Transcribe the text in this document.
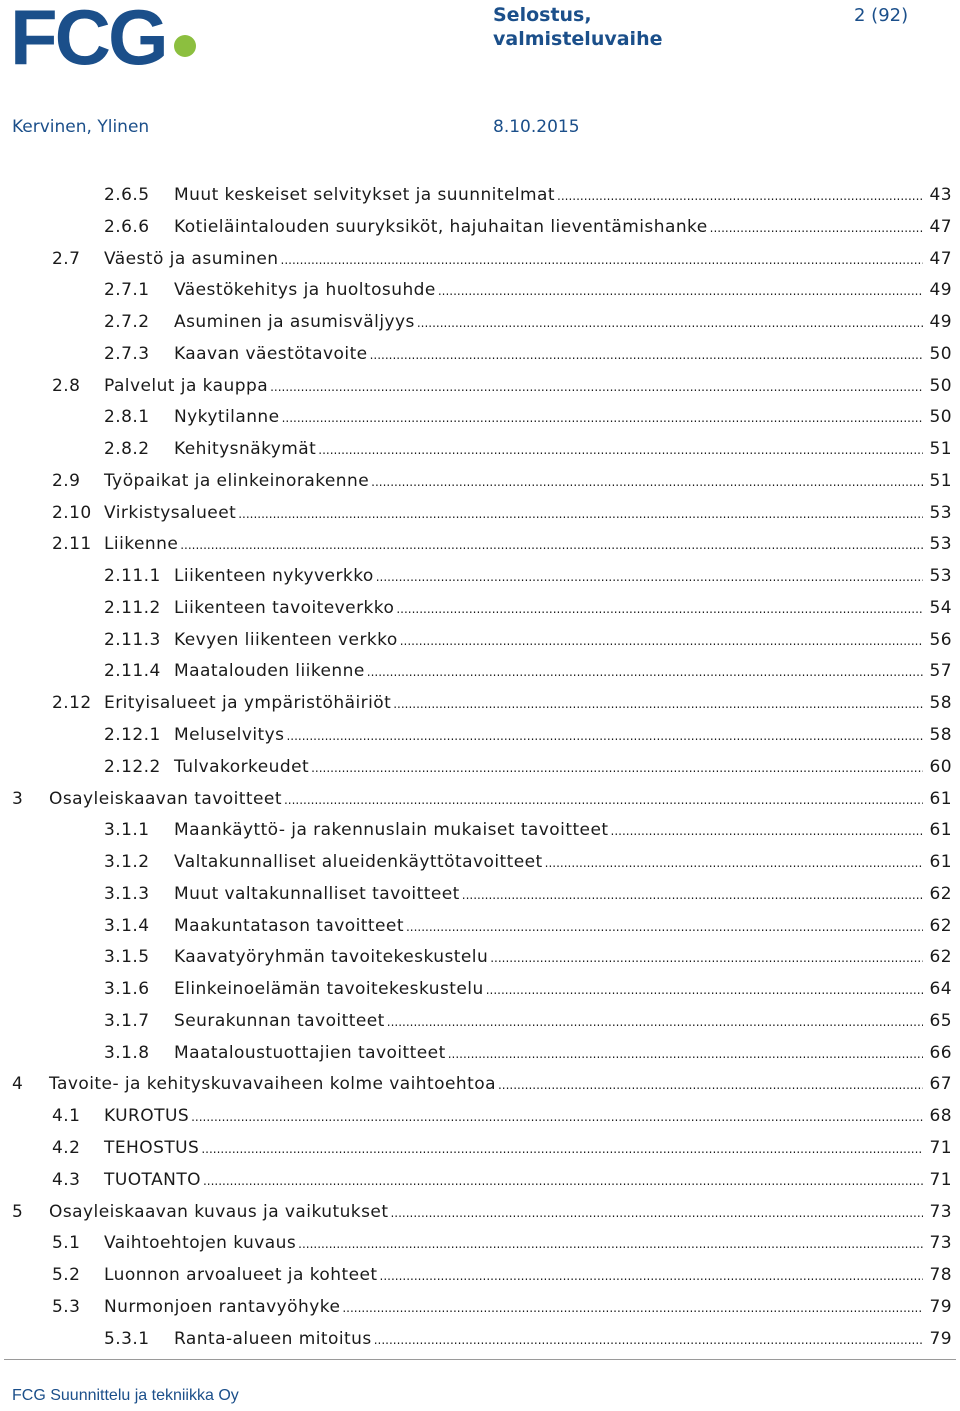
FCG	Selostus, valmisteluvaihe
2 (92)
Kervinen, Ylinen	8.10.2015
2.6.5 Muut keskeiset selvitykset ja suunnitelmat .....	43
2.6.6 Kotieläintalouden suuryksiköt, hajuhaitan lieventämishanke .....	47
2.7 Väestö ja asuminen .....	47
2.7.1 Väestökehitys ja huoltosuhde .....	49
2.7.2 Asuminen ja asumisväljyys .....	49
2.7.3 Kaavan väestötavoite .....	50
2.8 Palvelut ja kauppa .....	50
2.8.1 Nykytilanne .....	50
2.8.2 Kehitysnäkymät .....	51
2.9 Työpaikat ja elinkeinorakenne .....	51
2.10 Virkistysalueet .....	53
2.11 Liikenne .....	53
2.11.1 Liikenteen nykyverkko .....	53
2.11.2 Liikenteen tavoiteverkko .....	54
2.11.3 Kevyen liikenteen verkko .....	56
2.11.4 Maatalouden liikenne .....	57
2.12 Erityisalueet ja ympäristöhäiriöt .....	58
2.12.1 Meluselvitys .....	58
2.12.2 Tulvakorkeudet .....	60
3 Osayleiskaavan tavoitteet .....	61
3.1.1 Maankäyttö- ja rakennuslain mukaiset tavoitteet .....	61
3.1.2 Valtakunnalliset alueidenkäyttötavoitteet .....	61
3.1.3 Muut valtakunnalliset tavoitteet .....	62
3.1.4 Maakuntatason tavoitteet .....	62
3.1.5 Kaavatyöryhmän tavoitekeskustelu .....	62
3.1.6 Elinkeinoelämän tavoitekeskustelu .....	64
3.1.7 Seurakunnan tavoitteet .....	65
3.1.8 Maataloustuottajien tavoitteet .....	66
4 Tavoite- ja kehityskuvavaiheen kolme vaihtoehtoa .....	67
4.1 KUROTUS .....	68
4.2 TEHOSTUS .....	71
4.3 TUOTANTO .....	71
5 Osayleiskaavan kuvaus ja vaikutukset .....	73
5.1 Vaihtoehtojen kuvaus .....	73
5.2 Luonnon arvoalueet ja kohteet .....	78
5.3 Nurmonjoen rantavyöhyke .....	79
5.3.1 Ranta-alueen mitoitus .....	79
FCG Suunnittelu ja tekniikka Oy
